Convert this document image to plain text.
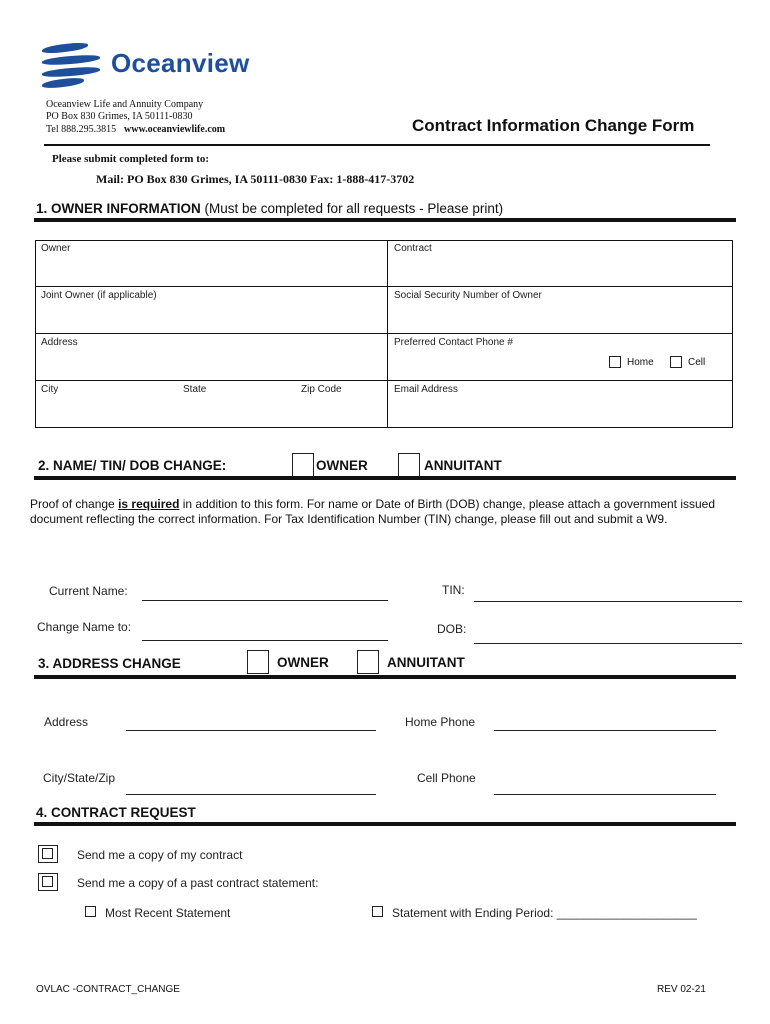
Oceanview
Oceanview Life and Annuity Company
PO Box 830 Grimes, IA 50111-0830
Tel 888.295.3815 www.oceanviewlife.com	Contract Information Change Form
Please submit completed form to:
Mail: PO Box 830 Grimes, IA 50111-0830 Fax: 1-888-417-3702
1. OWNER INFORMATION (Must be completed for all requests - Please print)
Owner	Contract
Joint Owner (if applicable)	Social Security Number of Owner
Address	Preferred Contact Phone #
City	State	Zip Code	Email Address
Home	Cell
2. NAME/ TIN/ DOB CHANGE:	OWNER	ANNUITANT
Proof of change is required in addition to this form. For name or Date of Birth (DOB) change, please attach a government issued document reflecting the correct information. For Tax Identification Number (TIN) change, please fill out and submit a W9.
Current Name:	TIN:
Change Name to:	DOB:
3. ADDRESS CHANGE	OWNER	ANNUITANT
Address	Home Phone
City/State/Zip	Cell Phone
4. CONTRACT REQUEST
Send me a copy of my contract
Send me a copy of a past contract statement:
Most Recent Statement	Statement with Ending Period: _____________________
OVLAC -CONTRACT_CHANGE	REV 02-21
